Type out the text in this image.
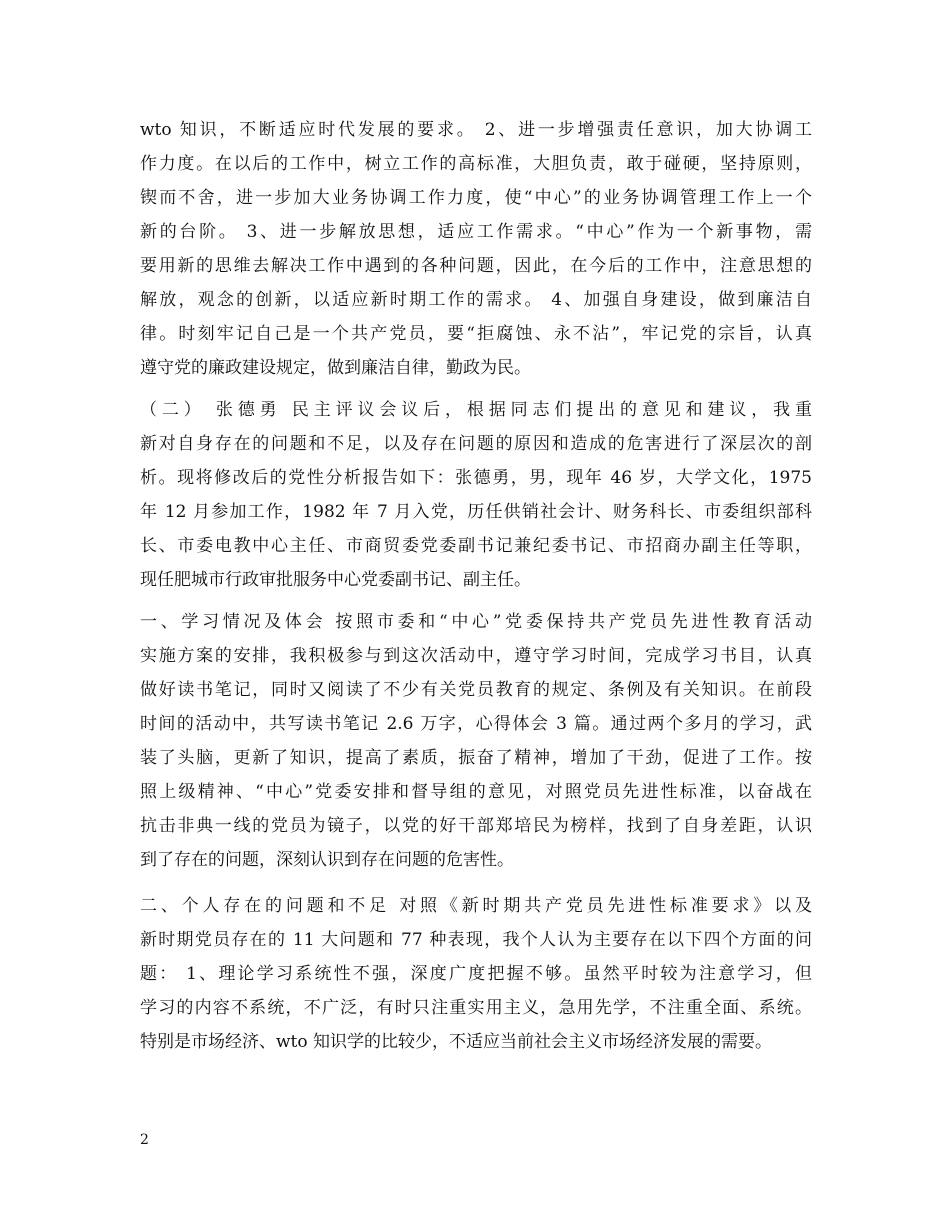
wto 知识，不断适应时代发展的要求。 2、进一步增强责任意识，加大协调工
作力度。在以后的工作中，树立工作的高标准，大胆负责，敢于碰硬，坚持原则，
锲而不舍，进一步加大业务协调工作力度，使“中心”的业务协调管理工作上一个
新的台阶。 3、进一步解放思想，适应工作需求。“中心”作为一个新事物，需
要用新的思维去解决工作中遇到的各种问题，因此，在今后的工作中，注意思想的
解放，观念的创新，以适应新时期工作的需求。 4、加强自身建设，做到廉洁自
律。时刻牢记自己是一个共产党员，要“拒腐蚀、永不沾”，牢记党的宗旨，认真
遵守党的廉政建设规定，做到廉洁自律，勤政为民。
（二） 张德勇 民主评议会议后，根据同志们提出的意见和建议，我重
新对自身存在的问题和不足，以及存在问题的原因和造成的危害进行了深层次的剖
析。现将修改后的党性分析报告如下：张德勇，男，现年 46 岁，大学文化，1975
年 12 月参加工作，1982 年 7 月入党，历任供销社会计、财务科长、市委组织部科
长、市委电教中心主任、市商贸委党委副书记兼纪委书记、市招商办副主任等职，
现任肥城市行政审批服务中心党委副书记、副主任。
一、学习情况及体会 按照市委和“中心”党委保持共产党员先进性教育活动
实施方案的安排，我积极参与到这次活动中，遵守学习时间，完成学习书目，认真
做好读书笔记，同时又阅读了不少有关党员教育的规定、条例及有关知识。在前段
时间的活动中，共写读书笔记 2.6 万字，心得体会 3 篇。通过两个多月的学习，武
装了头脑，更新了知识，提高了素质，振奋了精神，增加了干劲，促进了工作。按
照上级精神、“中心”党委安排和督导组的意见，对照党员先进性标准，以奋战在
抗击非典一线的党员为镜子，以党的好干部郑培民为榜样，找到了自身差距，认识
到了存在的问题，深刻认识到存在问题的危害性。
二、个人存在的问题和不足 对照《新时期共产党员先进性标准要求》以及
新时期党员存在的 11 大问题和 77 种表现，我个人认为主要存在以下四个方面的问
题： 1、理论学习系统性不强，深度广度把握不够。虽然平时较为注意学习，但
学习的内容不系统，不广泛，有时只注重实用主义，急用先学，不注重全面、系统。
特别是市场经济、wto 知识学的比较少，不适应当前社会主义市场经济发展的需要。
2
